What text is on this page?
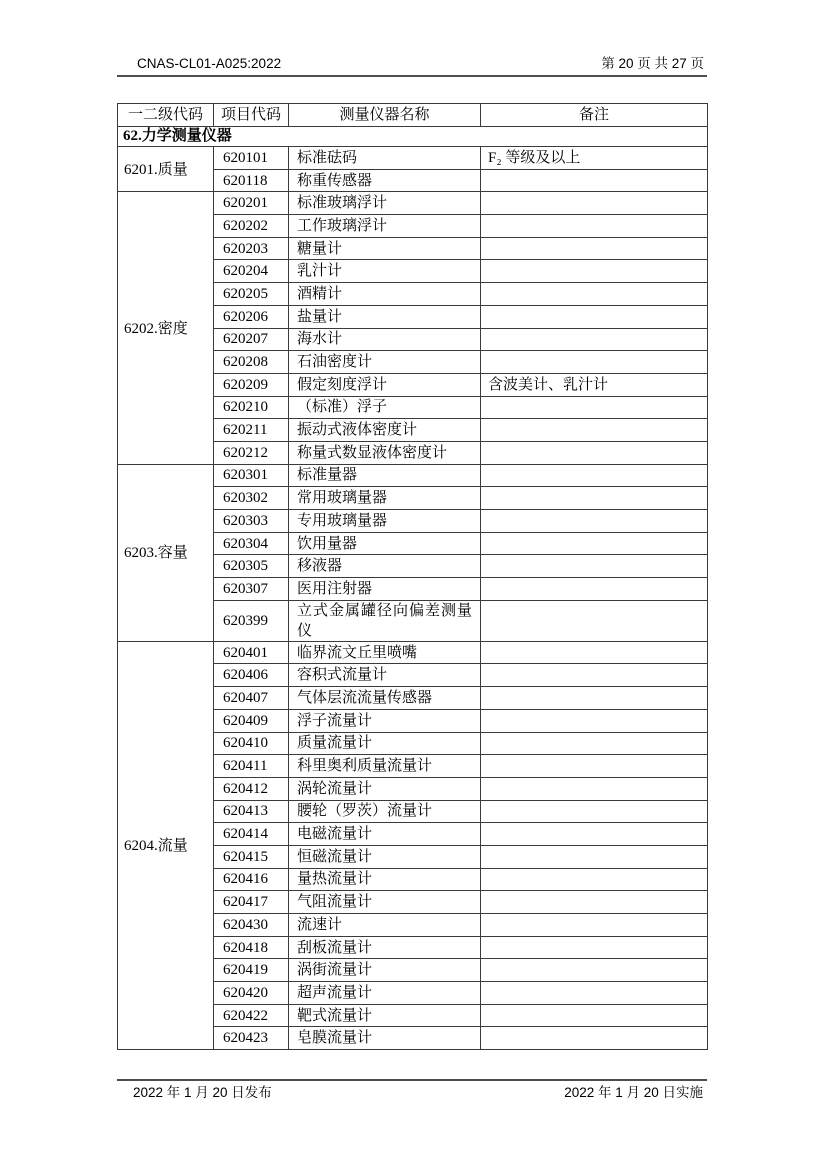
CNAS-CL01-A025:2022	第 20 页 共 27 页
一二级代码	项目代码	测量仪器名称	备注
62.力学测量仪器			
6201.质量	620101	标准砝码	F₂ 等级及以上
	620118	称重传感器	
6202.密度	620201	标准玻璃浮计	
	620202	工作玻璃浮计	
	620203	糖量计	
	620204	乳汁计	
	620205	酒精计	
	620206	盐量计	
	620207	海水计	
	620208	石油密度计	
	620209	假定刻度浮计	含波美计、乳汁计
	620210	（标准）浮子	
	620211	振动式液体密度计	
	620212	称量式数显液体密度计	
6203.容量	620301	标准量器	
	620302	常用玻璃量器	
	620303	专用玻璃量器	
	620304	饮用量器	
	620305	移液器	
	620307	医用注射器	
	620399	立式金属罐径向偏差测量仪	
6204.流量	620401	临界流文丘里喷嘴	
	620406	容积式流量计	
	620407	气体层流流量传感器	
	620409	浮子流量计	
	620410	质量流量计	
	620411	科里奥利质量流量计	
	620412	涡轮流量计	
	620413	腰轮（罗茨）流量计	
	620414	电磁流量计	
	620415	恒磁流量计	
	620416	量热流量计	
	620417	气阻流量计	
	620430	流速计	
	620418	刮板流量计	
	620419	涡街流量计	
	620420	超声流量计	
	620422	靶式流量计	
	620423	皂膜流量计	
2022 年 1 月 20 日发布	2022 年 1 月 20 日实施
